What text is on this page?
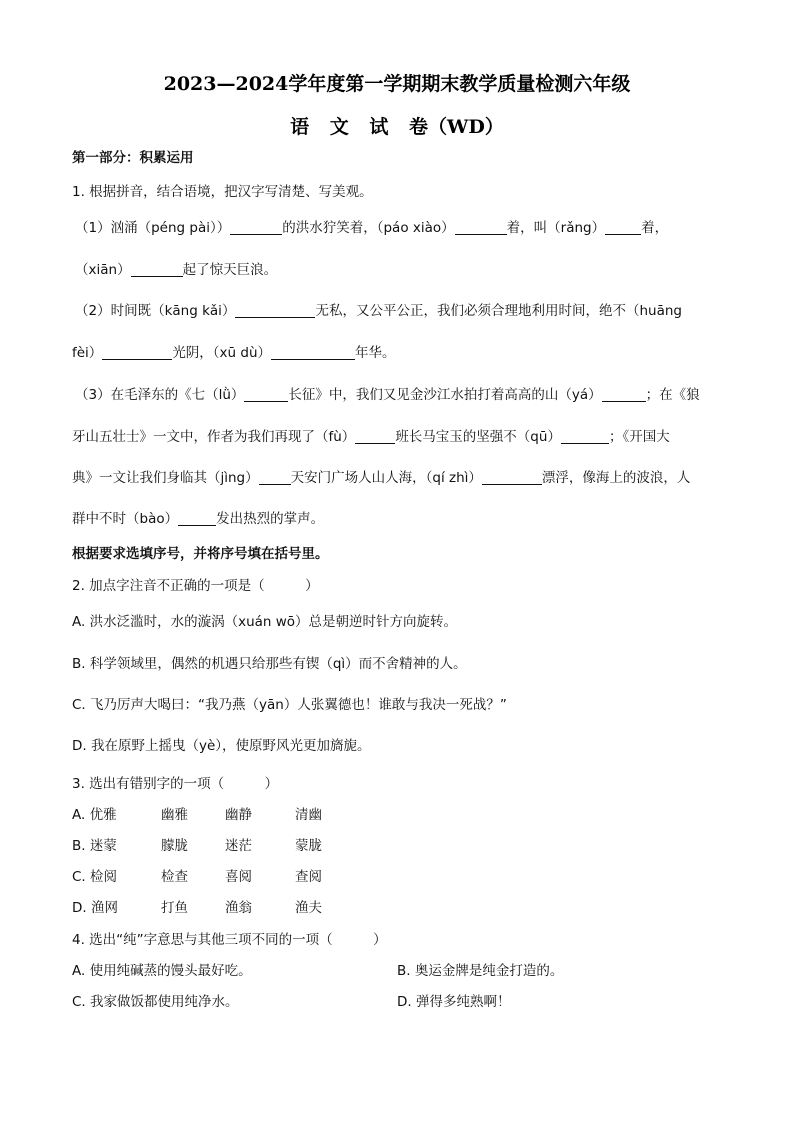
2023—2024学年度第一学期期末教学质量检测六年级
语 文 试 卷（WD）
第一部分：积累运用
1. 根据拼音，结合语境，把汉字写清楚、写美观。
（1）汹涌（péng pài））	的洪水狞笑着，（páo xiào）	着，叫（rǎng）	着，
（xiān）	起了惊天巨浪。
（2）时间既（kāng kǎi）	无私，又公平公正，我们必须合理地利用时间，绝不（huāng
fèi）	光阴，（xū dù）	年华。
（3）在毛泽东的《七（lǜ）	长征》中，我们又见金沙江水拍打着高高的山（yá）	；在《狼
牙山五壮士》一文中，作者为我们再现了（fù）	班长马宝玉的坚强不（qū）	；《开国大
典》一文让我们身临其（jìng） 天安门广场人山人海，（qí zhì）	漂浮，像海上的波浪，人
群中不时（bào）	发出热烈的掌声。
根据要求选填序号，并将序号填在括号里。
2. 加点字注音不正确的一项是（　　　）
A. 洪水泛滥时，水的漩涡（xuán wō）总是朝逆时针方向旋转。
B. 科学领域里，偶然的机遇只给那些有锲（qì）而不舍精神的人。
C. 飞乃厉声大喝曰：“我乃燕（yān）人张翼德也！谁敢与我决一死战？”
D. 我在原野上摇曳（yè），使原野风光更加旖旎。
3. 选出有错别字的一项（　　　）
A. 优雅	幽雅	幽静	清幽
B. 迷蒙	朦胧	迷茫	蒙胧
C. 检阅	检查	喜阅	查阅
D. 渔网	打鱼	渔翁	渔夫
4. 选出“纯”字意思与其他三项不同的一项（　　　）
A. 使用纯碱蒸的馒头最好吃。	B. 奥运金牌是纯金打造的。
C. 我家做饭都使用纯净水。	D. 弹得多纯熟啊！
